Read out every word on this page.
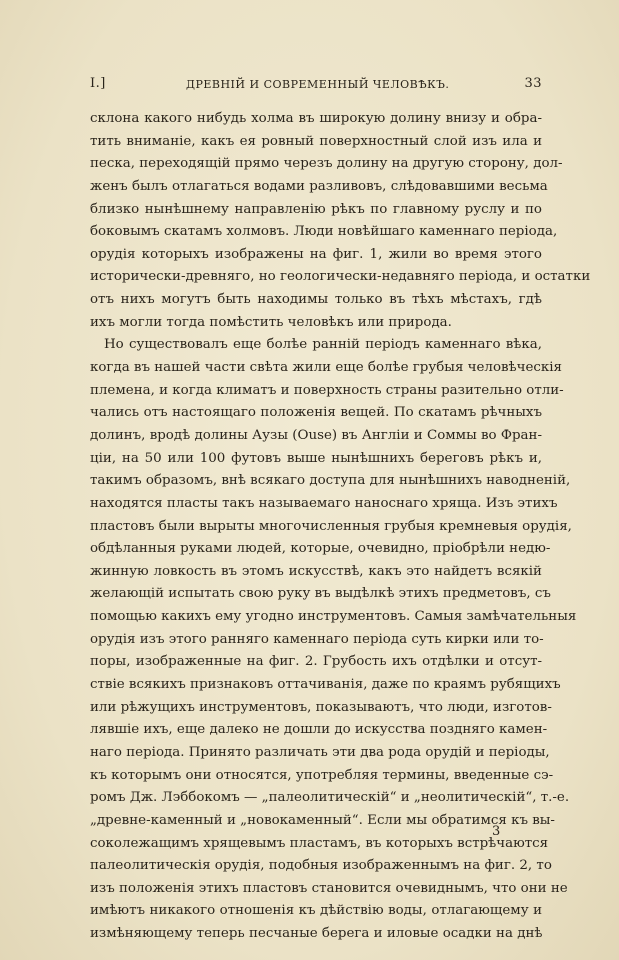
I.]	ДРЕВНІЙ И СОВРЕМЕННЫЙ ЧЕЛОВѢКЪ.	33
склона какого нибудь холма въ широкую долину внизу и обра-
тить вниманіе, какъ ея ровный поверхностный слой изъ ила и
песка, переходящій прямо черезъ долину на другую сторону, дол-
женъ былъ отлагаться водами разливовъ, слѣдовавшими весьма
близко нынѣшнему направленію рѣкъ по главному руслу и по
боковымъ скатамъ холмовъ. Люди новѣйшаго каменнаго періода,
орудія которыхъ изображены на фиг. 1, жили во время этого
исторически-древняго, но геологически-недавняго періода, и остатки
отъ нихъ могутъ быть находимы только въ тѣхъ мѣстахъ, гдѣ
ихъ могли тогда помѣстить человѣкъ или природа.
Но существовалъ еще болѣе ранній періодъ каменнаго вѣка,
когда въ нашей части свѣта жили еще болѣе грубыя человѣческія
племена, и когда климатъ и поверхность страны разительно отли-
чались отъ настоящаго положенія вещей. По скатамъ рѣчныхъ
долинъ, вродѣ долины Аузы (Ouse) въ Англіи и Соммы во Фран-
ціи, на 50 или 100 футовъ выше нынѣшнихъ береговъ рѣкъ и,
такимъ образомъ, внѣ всякаго доступа для нынѣшнихъ наводненій,
находятся пласты такъ называемаго наноснаго хряща. Изъ этихъ
пластовъ были вырыты многочисленныя грубыя кремневыя орудія,
обдѣланныя руками людей, которые, очевидно, пріобрѣли недю-
жинную ловкость въ этомъ искусствѣ, какъ это найдетъ всякій
желающій испытать свою руку въ выдѣлкѣ этихъ предметовъ, съ
помощью какихъ ему угодно инструментовъ. Самыя замѣчательныя
орудія изъ этого ранняго каменнаго періода суть кирки или то-
поры, изображенные на фиг. 2. Грубость ихъ отдѣлки и отсут-
ствіе всякихъ признаковъ оттачиванія, даже по краямъ рубящихъ
или рѣжущихъ инструментовъ, показываютъ, что люди, изготов-
лявшіе ихъ, еще далеко не дошли до искусства поздняго камен-
наго періода. Принято различать эти два рода орудій и періоды,
къ которымъ они относятся, употребляя термины, введенные сэ-
ромъ Дж. Лэббокомъ — „палеолитическій“ и „неолитическій“, т.-е.
„древне-каменный и „новокаменный“. Если мы обратимся къ вы-
соколежащимъ хрящевымъ пластамъ, въ которыхъ встрѣчаются
палеолитическія орудія, подобныя изображеннымъ на фиг. 2, то
изъ положенія этихъ пластовъ становится очевиднымъ, что они не
имѣютъ никакого отношенія къ дѣйствію воды, отлагающему и
измѣняющему теперь песчаные берега и иловые осадки на днѣ
3
